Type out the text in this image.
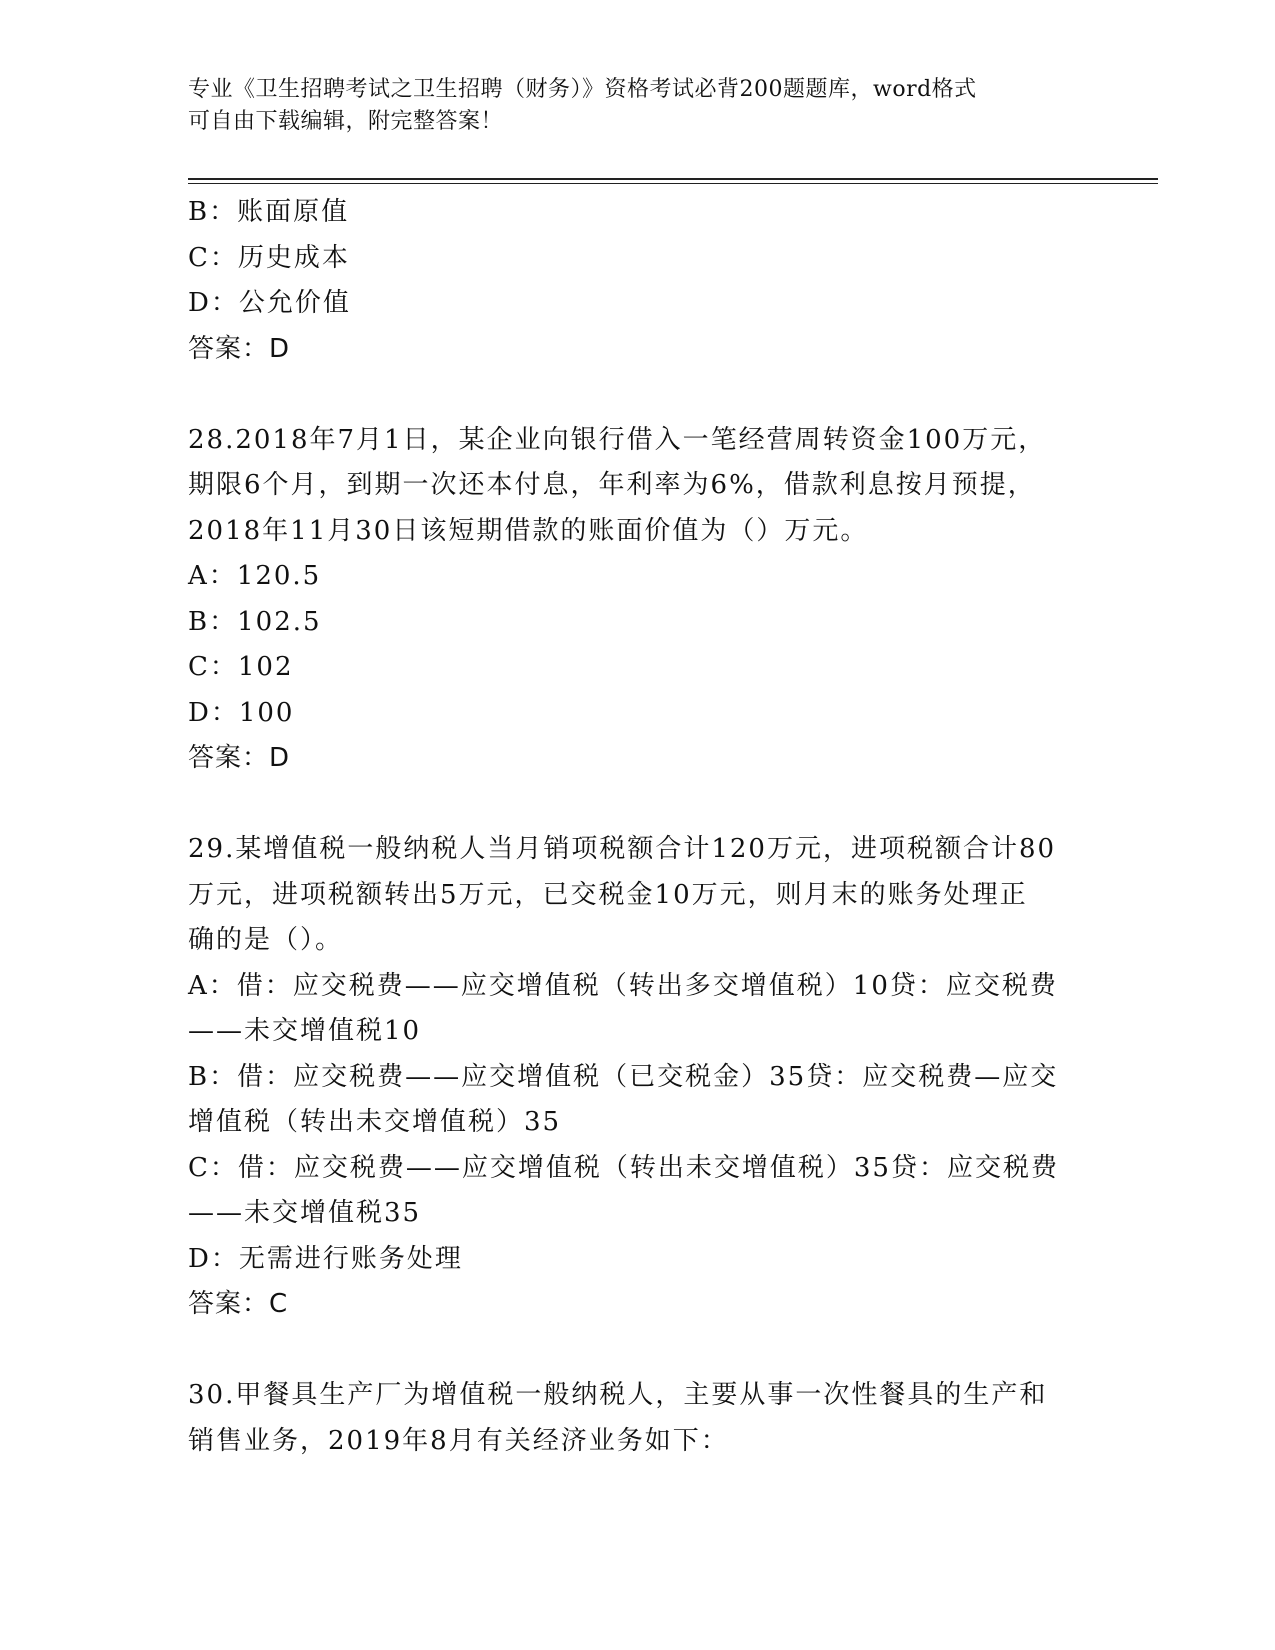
专业《卫生招聘考试之卫生招聘（财务）》资格考试必背200题题库，word格式
可自由下载编辑，附完整答案！
B：账面原值
C：历史成本
D：公允价值
答案：D
28.2018年7月1日，某企业向银行借入一笔经营周转资金100万元，
期限6个月，到期一次还本付息，年利率为6%，借款利息按月预提，
2018年11月30日该短期借款的账面价值为（）万元。
A：120.5
B：102.5
C：102
D：100
答案：D
29.某增值税一般纳税人当月销项税额合计120万元，进项税额合计80
万元，进项税额转出5万元，已交税金10万元，则月末的账务处理正
确的是（）。
A：借：应交税费——应交增值税（转出多交增值税）10贷：应交税费
——未交增值税10
B：借：应交税费——应交增值税（已交税金）35贷：应交税费—应交
增值税（转出未交增值税）35
C：借：应交税费——应交增值税（转出未交增值税）35贷：应交税费
——未交增值税35
D：无需进行账务处理
答案：C
30.甲餐具生产厂为增值税一般纳税人，主要从事一次性餐具的生产和
销售业务，2019年8月有关经济业务如下：
